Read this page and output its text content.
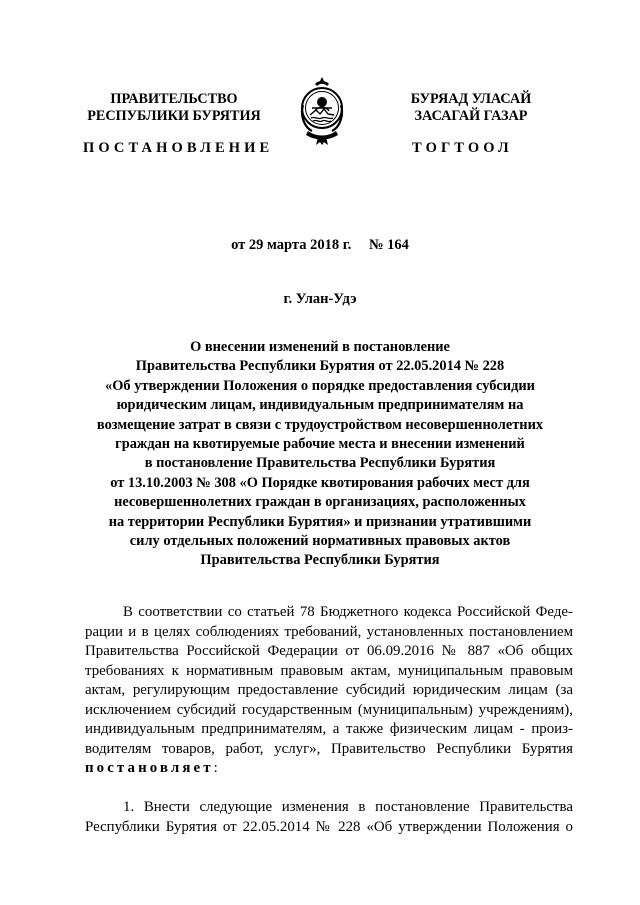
ПРАВИТЕЛЬСТВО
РЕСПУБЛИКИ БУРЯТИЯ
БУРЯАД УЛАСАЙ
ЗАСАГАЙ ГАЗАР
ПОСТАНОВЛЕНИЕ	ТОГТООЛ
от 29 марта 2018 г. № 164
г. Улан-Удэ
О внесении изменений в постановление
Правительства Республики Бурятия от 22.05.2014 № 228
«Об утверждении Положения о порядке предоставления субсидии
юридическим лицам, индивидуальным предпринимателям на
возмещение затрат в связи с трудоустройством несовершеннолетних
граждан на квотируемые рабочие места и внесении изменений
в постановление Правительства Республики Бурятия
от 13.10.2003 № 308 «О Порядке квотирования рабочих мест для
несовершеннолетних граждан в организациях, расположенных
на территории Республики Бурятия» и признании утратившими
силу отдельных положений нормативных правовых актов
Правительства Республики Бурятия
В соответствии со статьей 78 Бюджетного кодекса Российской Феде-
рации и в целях соблюдениях требований, установленных постановлением
Правительства Российской Федерации от 06.09.2016 № 887 «Об общих
требованиях к нормативным правовым актам, муниципальным правовым
актам, регулирующим предоставление субсидий юридическим лицам (за
исключением субсидий государственным (муниципальным) учреждениям),
индивидуальным предпринимателям, а также физическим лицам - произ-
водителям товаров, работ, услуг», Правительство Республики Бурятия
постановляет:
1. Внести следующие изменения в постановление Правительства
Республики Бурятия от 22.05.2014 № 228 «Об утверждении Положения о
